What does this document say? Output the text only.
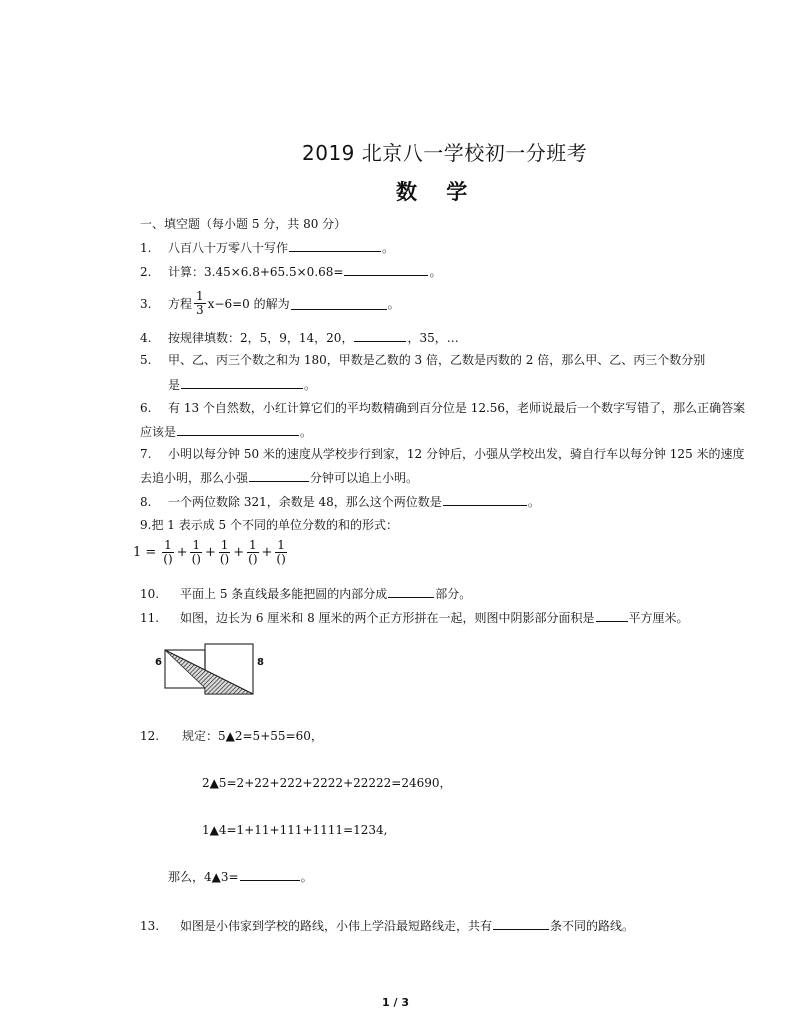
2019 北京八一学校初一分班考
数    学
一、填空题（每小题 5 分，共 80 分）
1. 八百八十万零八十写作	。
2. 计算：3.45×6.8+65.5×0.68=	。
3.	方程 $\frac{1}{3} x-6=0$ 的解为	。
4. 按规律填数：2，5，9，14，20，	，35，…
5. 甲、乙、丙三个数之和为 180，甲数是乙数的 3 倍，乙数是丙数的 2 倍，那么甲、乙、丙三个数分别
是	。
6. 有 13 个自然数，小红计算它们的平均数精确到百分位是 12.56，老师说最后一个数字写错了，那么正确答案
应该是	。
7. 小明以每分钟 50 米的速度从学校步行到家，12 分钟后，小强从学校出发，骑自行车以每分钟 125 米的速度
去追小明，那么小强	分钟可以追上小明。
8. 一个两位数除 321，余数是 48，那么这个两位数是	。
9.把 1 表示成 5 个不同的单位分数的和的形式：
$1 = \frac{1}{()} + \frac{1}{()} + \frac{1}{()} + \frac{1}{()} + \frac{1}{()}$
10. 平面上 5 条直线最多能把圆的内部分成	部分。
11. 如图，边长为 6 厘米和 8 厘米的两个正方形拼在一起，则图中阴影部分面积是	平方厘米。
6	8
12. 规定：5▲2=5+55=60，
2▲5=2+22+222+2222+22222=24690，
1▲4=1+11+111+1111=1234,
那么，4▲3=	。
13. 如图是小伟家到学校的路线，小伟上学沿最短路线走，共有	条不同的路线。
1 / 3
